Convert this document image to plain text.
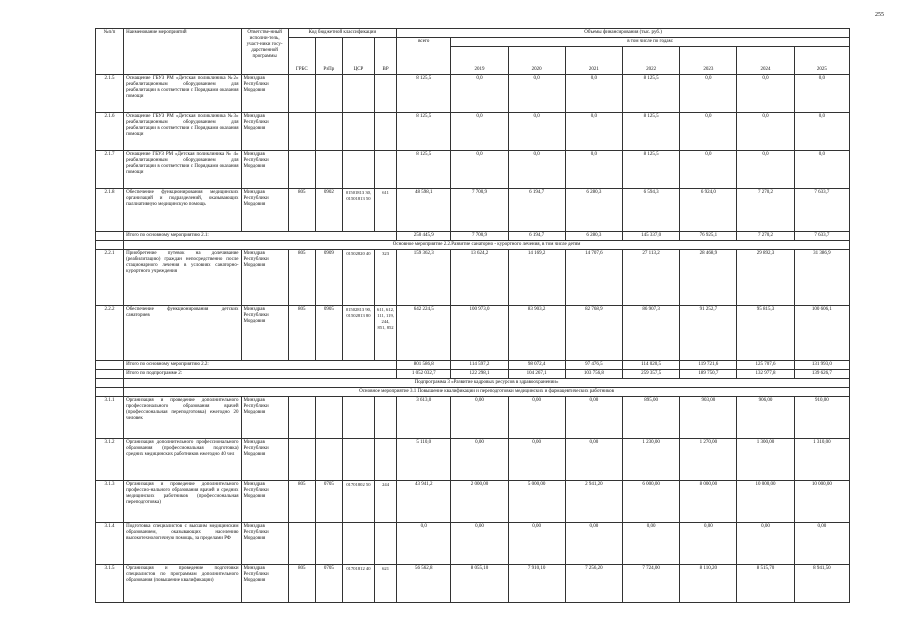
255
№п/п	Наименование мероприятий	Ответстве-нный исполни-тель, участ-ники госу-дарственной программы	Код бюджетной классификации				Объемы финансирования (тыс. руб.)							
			ГРБС	РзПр	ЦСР	ВР	всего	в том числе по годам:						
								2019	2020	2021	2022	2023	2024	2025
2.1.5	Оснащение ГБУЗ РМ «Детская поликлиника №2» реабилитационным оборудованием для реабилитации в соответствии с Порядками оказания помощи	Минздрав Республики Мордовия					8 125,5	0,0	0,0	0,0	8 125,5	0,0	0,0	0,0
2.1.6	Оснащение ГБУЗ РМ «Детская поликлиника №3» реабилитационным оборудованием для реабилитации в соответствии с Порядками оказания помощи	Минздрав Республики Мордовия					8 125,5	0,0	0,0	0,0	8 125,5	0,0	0,0	0,0
2.1.7	Оснащение ГБУЗ РМ «Детская поликлиника № 4» реабилитационным оборудованием для реабилитации в соответствии с Порядками оказания помощи	Минздрав Республики Мордовия					8 125,5	0,0	0,0	0,0	8 125,5	0,0	0,0	0,0
2.1.8	Обеспечение функционирования медицинских организаций и подразделений, оказывающих паллиативную медицинскую помощь	Минздрав Республики Мордовия	805	0902	01501813 30, 01501813 50	611	48 598,1	7 700,9	6 194,7	6 280,3	6 594,3	6 924,0	7 270,2	7 633,7
	Итого по основному мероприятию 2.1:						250 445,9	7 700,9	6 194,7	6 280,3	145 337,0	76 925,1	7 270,2	7 633,7
	Основное мероприятие 2.2.Развитие санаторно - курортного лечения, в том числе детям													
2.2.1	Приобретение путевок на долечивание (реабилитацию) граждан непосредственно после стационарного лечения в условиях санаторно-курортного учреждения	Минздрав Республики Мордовия	805	0909	01502820 40	323	159 362,3	13 624,2	14 169,2	14 707,6	27 113,2	28 468,9	29 892,3	31 386,9
2.2.2	Обеспечение функционирования детских санаториев	Минздрав Республики Мордовия	805	0905	01502813 90, 01502813 80	611, 612, 111, 119, 244, 851, 852	642 224,5	100 973,0	83 903,2	82 768,9	86 907,3	91 252,7	95 815,3	100 606,1
	Итого по основному мероприятию 2.2:						801 586,8	114 597,2	98 072,4	97 476,5	114 020,5	119 721,6	125 707,6	131 993,0
	Итого по подпрограмме 2:						1 052 032,7	122 298,1	104 267,1	103 756,8	259 357,5	189 750,7	132 977,8	139 626,7
	Подпрограмма 3 «Развитие кадровых ресурсов в здравоохранении»													
	Основное мероприятие 3.1 Повышение квалификации и переподготовки медицинских и фармацевтических работников													
3.1.1	Организация и проведение дополнительного профессионального образования врачей (профессиональная переподготовка) ежегодно 20 человек	Минздрав Республики Мордовия					3 613,0	0,00	0,00	0,00	895,00	903,00	906,00	910,00
3.1.2	Организация дополнительного профессионального образования (профессиональная подготовка) средних медицинских работников ежегодно 40 чел	Минздрав Республики Мордовия					5 110,0	0,00	0,00	0,00	1 230,00	1 270,00	1 300,00	1 310,00
3.1.3	Организация и проведение дополнительного профессио-нального образования врачей и средних медицинских работников (профессиональная переподготовка)	Минздрав Республики Мордовия	805	0705	01701802 50	244	43 941,2	2 000,00	5 000,00	2 941,20	6 000,00	8 000,00	10 000,00	10 000,00
3.1.4	Подготовка специалистов с высшим медицинским образованием, оказывающих населению высокотехнологичную помощь, за пределами РФ	Минздрав Республики Мордовия					0,0	0,00	0,00	0,00	0,00	0,00	0,00	0,00
3.1.5	Организация и проведение подготовки специалистов по программам дополнительного образования (повышение квалификации)	Минздрав Республики Мордовия	805	0705	01701812 40	621	56 562,8	8 055,10	7 910,10	7 256,20	7 724,00	8 110,20	8 515,70	8 941,50
